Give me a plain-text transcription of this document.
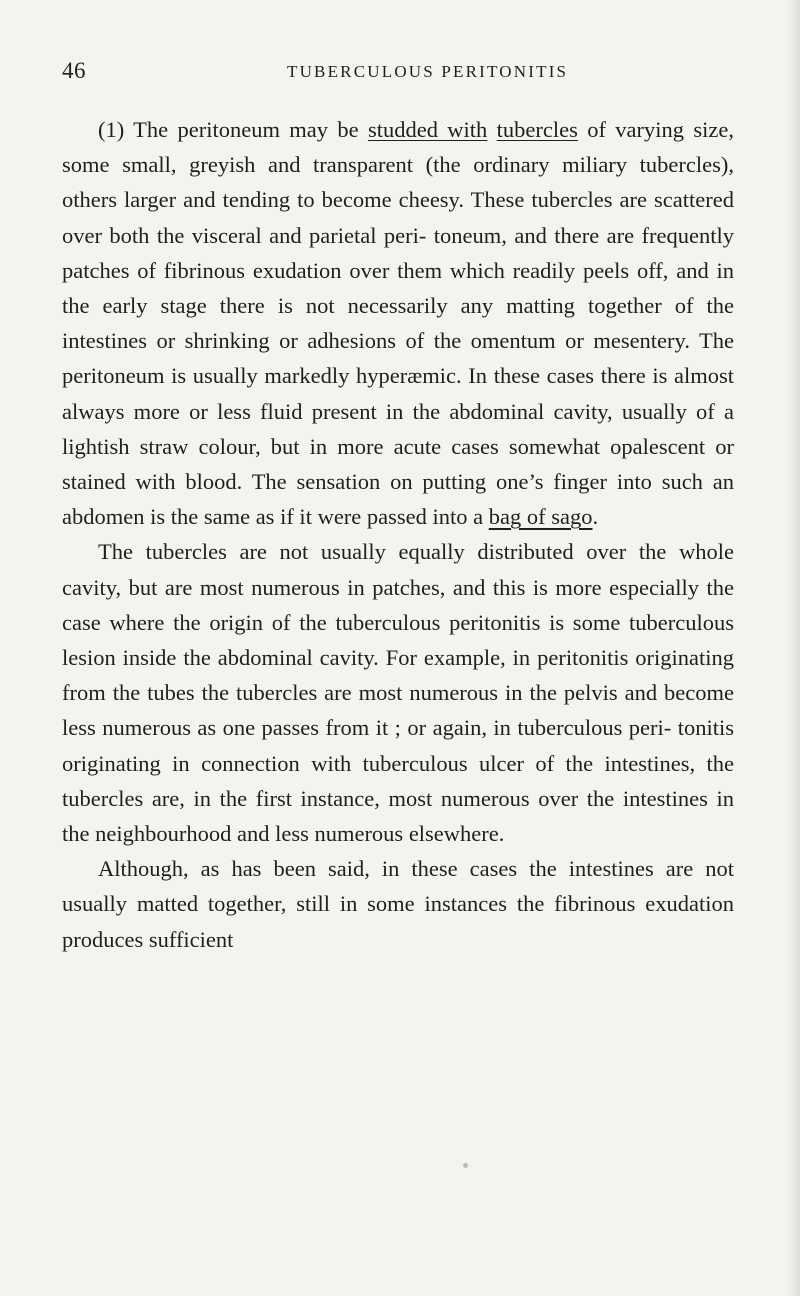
46	TUBERCULOUS PERITONITIS

(1) The peritoneum may be studded with tubercles of varying size, some small, greyish and transparent (the ordinary miliary tubercles), others larger and tending to become cheesy. These tubercles are scattered over both the visceral and parietal peri- toneum, and there are frequently patches of fibrinous exudation over them which readily peels off, and in the early stage there is not necessarily any matting together of the intestines or shrinking or adhesions of the omentum or mesentery. The peritoneum is usually markedly hyperæmic. In these cases there is almost always more or less fluid present in the abdominal cavity, usually of a lightish straw colour, but in more acute cases somewhat opalescent or stained with blood. The sensation on putting one’s finger into such an abdomen is the same as if it were passed into a bag of sago.

The tubercles are not usually equally distributed over the whole cavity, but are most numerous in patches, and this is more especially the case where the origin of the tuberculous peritonitis is some tuberculous lesion inside the abdominal cavity. For example, in peritonitis originating from the tubes the tubercles are most numerous in the pelvis and become less numerous as one passes from it ; or again, in tuberculous peri- tonitis originating in connection with tuberculous ulcer of the intestines, the tubercles are, in the first instance, most numerous over the intestines in the neighbourhood and less numerous elsewhere.

Although, as has been said, in these cases the intestines are not usually matted together, still in some instances the fibrinous exudation produces sufficient
